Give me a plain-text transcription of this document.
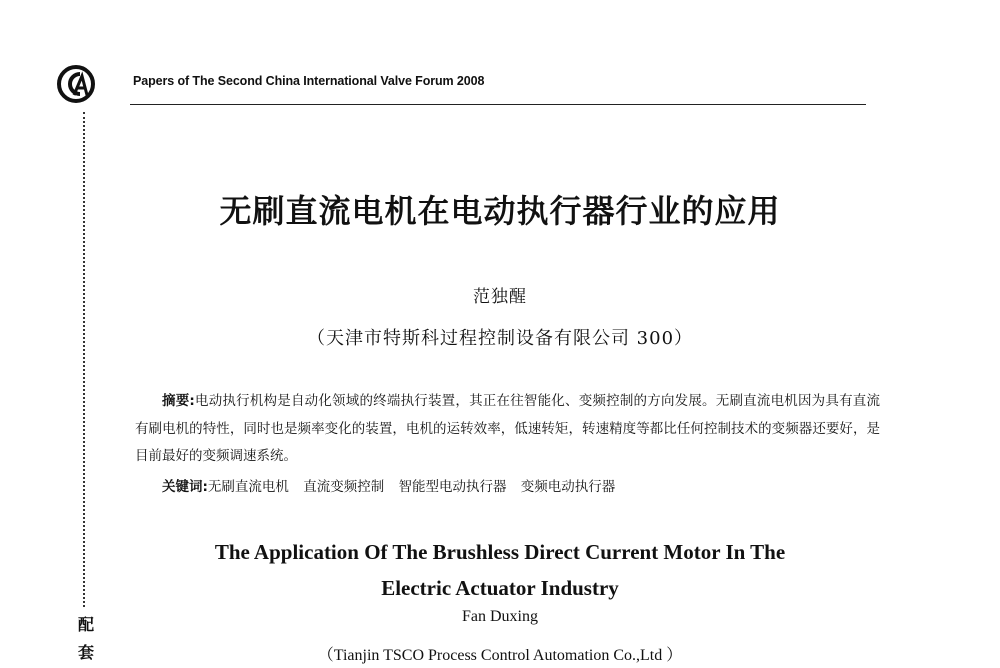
Papers of The Second China International Valve Forum 2008
配
套
无刷直流电机在电动执行器行业的应用
范独醒
（天津市特斯科过程控制设备有限公司 300）
摘要:电动执行机构是自动化领域的终端执行装置，其正在往智能化、变频控制的方向发展。无刷直流电机因为具有直流有刷电机的特性，同时也是频率变化的装置，电机的运转效率，低速转矩，转速精度等都比任何控制技术的变频器还要好，是目前最好的变频调速系统。
关键词:无刷直流电机 直流变频控制 智能型电动执行器 变频电动执行器
The Application Of The Brushless Direct Current Motor In The
Electric Actuator Industry
Fan Duxing
（Tianjin TSCO Process Control Automation Co.,Ltd ）
